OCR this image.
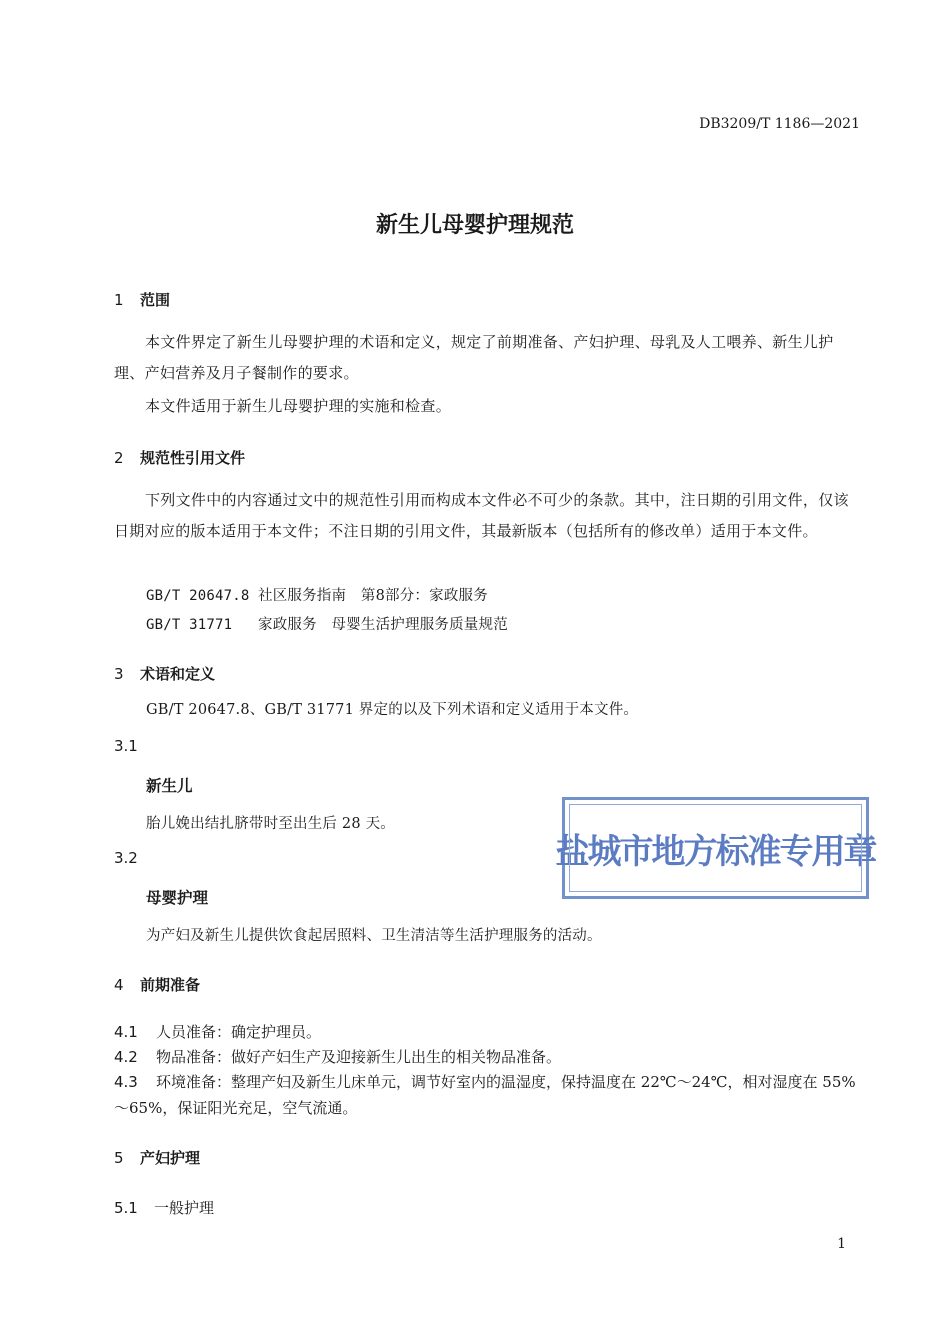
DB3209/T 1186—2021
新生儿母婴护理规范
1 范围
本文件界定了新生儿母婴护理的术语和定义，规定了前期准备、产妇护理、母乳及人工喂养、新生儿护理、产妇营养及月子餐制作的要求。
本文件适用于新生儿母婴护理的实施和检查。
2 规范性引用文件
下列文件中的内容通过文中的规范性引用而构成本文件必不可少的条款。其中，注日期的引用文件，仅该日期对应的版本适用于本文件；不注日期的引用文件，其最新版本（包括所有的修改单）适用于本文件。
GB/T 20647.8 社区服务指南　第8部分：家政服务
GB/T 31771 家政服务　母婴生活护理服务质量规范
3 术语和定义
GB/T 20647.8、GB/T 31771 界定的以及下列术语和定义适用于本文件。
3.1
新生儿
胎儿娩出结扎脐带时至出生后 28 天。
3.2
母婴护理
为产妇及新生儿提供饮食起居照料、卫生清洁等生活护理服务的活动。
4 前期准备
4.1 人员准备：确定护理员。
4.2 物品准备：做好产妇生产及迎接新生儿出生的相关物品准备。
4.3 环境准备：整理产妇及新生儿床单元，调节好室内的温湿度，保持温度在 22℃～24℃，相对湿度在 55%～65%，保证阳光充足，空气流通。
5 产妇护理
5.1 一般护理
盐城市地方标准专用章
1
